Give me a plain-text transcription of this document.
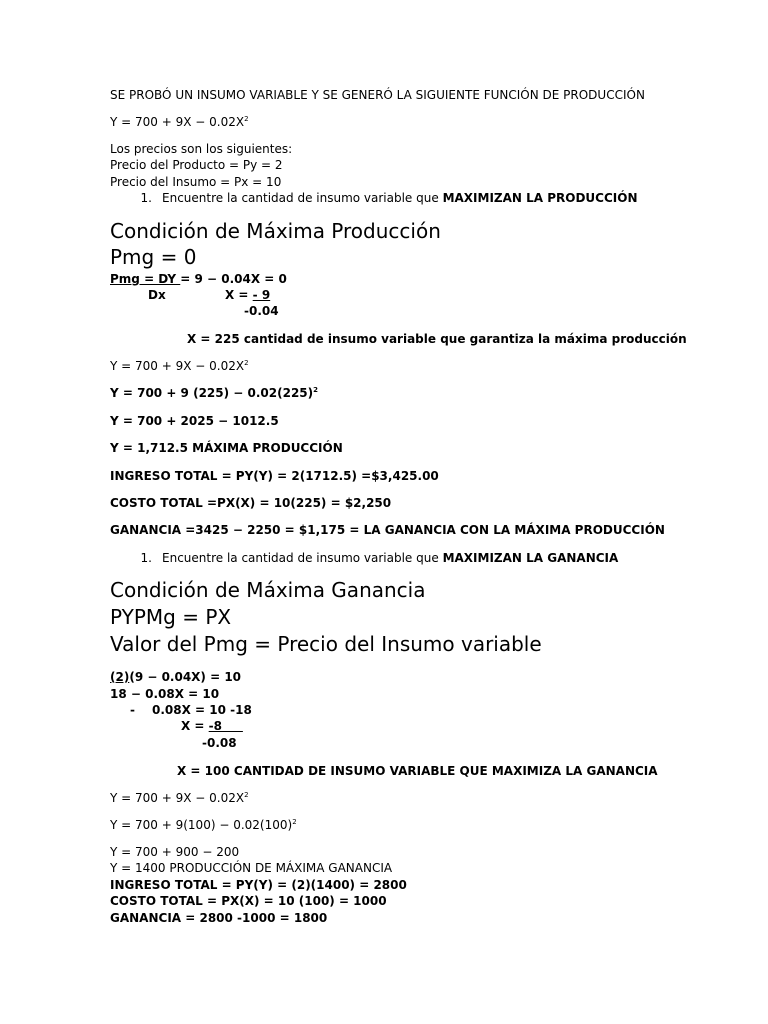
SE PROBÓ UN INSUMO VARIABLE Y SE GENERÓ LA SIGUIENTE FUNCIÓN DE PRODUCCIÓN
$Y = 700 + 9X - 0.02X^2$
Los precios son los siguientes:
Precio del Producto = Py = 2
Precio del Insumo = Px = 10
1. Encuentre la cantidad de insumo variable que MAXIMIZAN LA PRODUCCIÓN
Condición de Máxima Producción
Pmg = 0
Pmg = DY = 9 − 0.04X = 0
Dx	X = - 9
-0.04
X = 225 cantidad de insumo variable que garantiza la máxima producción
$Y = 700 + 9X - 0.02X^2$
Y = 700 + 9 $(225) - 0.02(225)^2$
Y = 700 + 2025 − 1012.5
Y = 1,712.5 MÁXIMA PRODUCCIÓN
INGRESO TOTAL = PY(Y) = 2(1712.5) =$3,425.00
COSTO TOTAL =PX(X) = 10(225) = $2,250
GANANCIA =3425 − 2250 = $1,175 = LA GANANCIA CON LA MÁXIMA PRODUCCIÓN
1. Encuentre la cantidad de insumo variable que MAXIMIZAN LA GANANCIA
Condición de Máxima Ganancia
PYPMg = PX
Valor del Pmg = Precio del Insumo variable
(2)(9 − 0.04X) = 10
18 − 0.08X = 10
- 0.08X = 10 -18
X = -8
-0.08
X = 100 CANTIDAD DE INSUMO VARIABLE QUE MAXIMIZA LA GANANCIA
$Y = 700 + 9X - 0.02X^2$
$Y = 700 + 9(100) - 0.02(100)^2$
Y = 700 + 900 − 200
Y = 1400 PRODUCCIÓN DE MÁXIMA GANANCIA
INGRESO TOTAL = PY(Y) = (2)(1400) = 2800
COSTO TOTAL = PX(X) = 10 (100) = 1000
GANANCIA = 2800 -1000 = 1800
